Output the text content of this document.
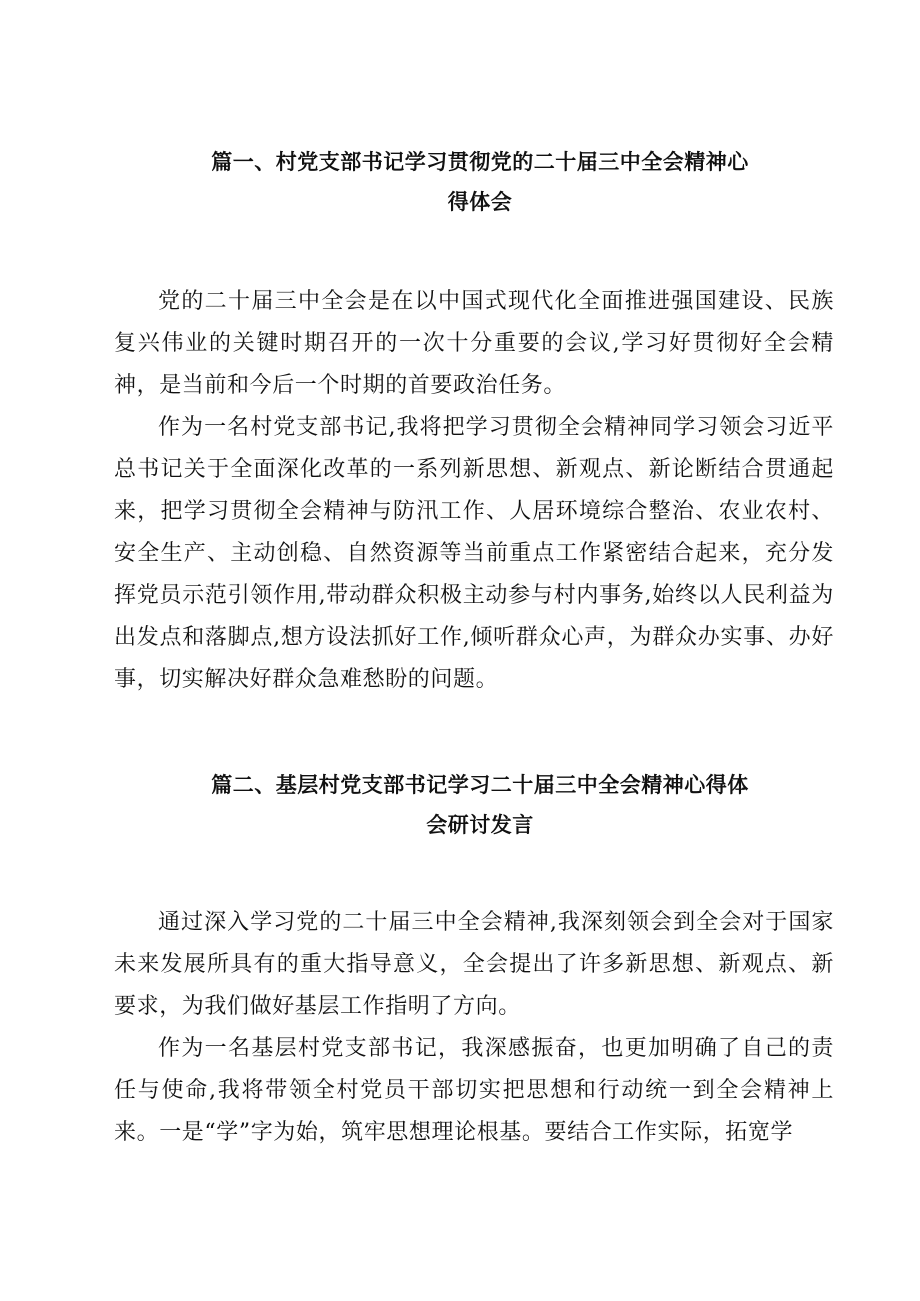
篇一、村党支部书记学习贯彻党的二十届三中全会精神心
得体会

党的二十届三中全会是在以中国式现代化全面推进强国建设、民族复兴伟业的关键时期召开的一次十分重要的会议,学习好贯彻好全会精神，是当前和今后一个时期的首要政治任务。

作为一名村党支部书记,我将把学习贯彻全会精神同学习领会习近平总书记关于全面深化改革的一系列新思想、新观点、新论断结合贯通起来，把学习贯彻全会精神与防汛工作、人居环境综合整治、农业农村、安全生产、主动创稳、自然资源等当前重点工作紧密结合起来，充分发挥党员示范引领作用,带动群众积极主动参与村内事务,始终以人民利益为出发点和落脚点,想方设法抓好工作,倾听群众心声，为群众办实事、办好事，切实解决好群众急难愁盼的问题。

篇二、基层村党支部书记学习二十届三中全会精神心得体
会研讨发言

通过深入学习党的二十届三中全会精神,我深刻领会到全会对于国家未来发展所具有的重大指导意义，全会提出了许多新思想、新观点、新要求，为我们做好基层工作指明了方向。

作为一名基层村党支部书记，我深感振奋，也更加明确了自己的责任与使命,我将带领全村党员干部切实把思想和行动统一到全会精神上来。一是“学”字为始，筑牢思想理论根基。要结合工作实际，拓宽学
